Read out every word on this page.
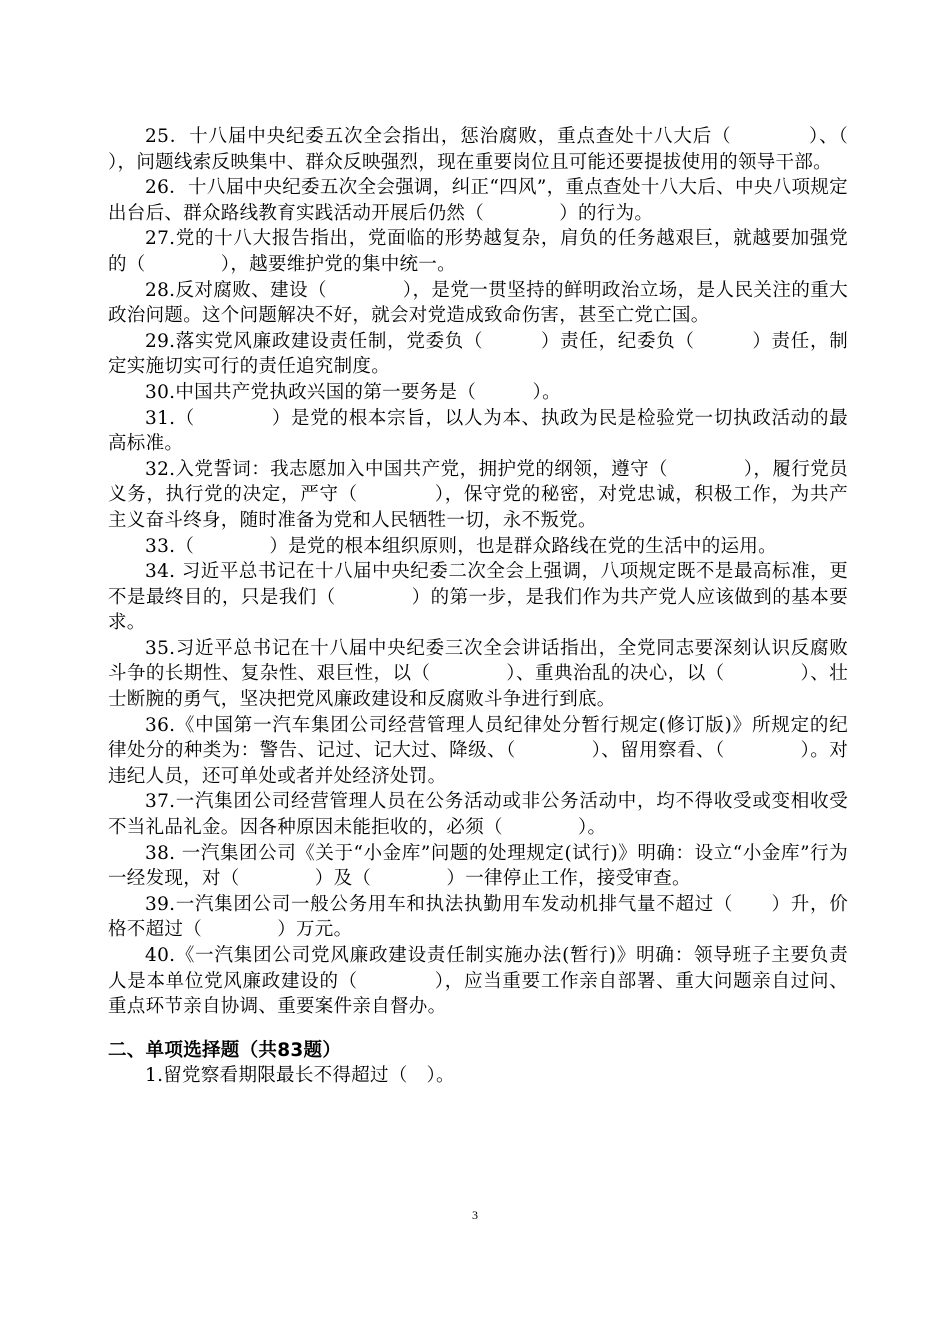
25．十八届中央纪委五次全会指出，惩治腐败，重点查处十八大后（　　　　）、（　　　　），问题线索反映集中、群众反映强烈，现在重要岗位且可能还要提拔使用的领导干部。

26．十八届中央纪委五次全会强调，纠正“四风”，重点查处十八大后、中央八项规定出台后、群众路线教育实践活动开展后仍然（　　　　）的行为。

27.党的十八大报告指出，党面临的形势越复杂，肩负的任务越艰巨，就越要加强党的（　　　　），越要维护党的集中统一。

28.反对腐败、建设（　　　　），是党一贯坚持的鲜明政治立场，是人民关注的重大政治问题。这个问题解决不好，就会对党造成致命伤害，甚至亡党亡国。

29.落实党风廉政建设责任制，党委负（　　　）责任，纪委负（　　　）责任，制定实施切实可行的责任追究制度。

30.中国共产党执政兴国的第一要务是（　　　）。

31.（　　　　）是党的根本宗旨，以人为本、执政为民是检验党一切执政活动的最高标准。

32.入党誓词：我志愿加入中国共产党，拥护党的纲领，遵守（　　　　），履行党员义务，执行党的决定，严守（　　　　），保守党的秘密，对党忠诚，积极工作，为共产主义奋斗终身，随时准备为党和人民牺牲一切，永不叛党。

33.（　　　　）是党的根本组织原则，也是群众路线在党的生活中的运用。

34. 习近平总书记在十八届中央纪委二次全会上强调，八项规定既不是最高标准，更不是最终目的，只是我们（　　　　）的第一步，是我们作为共产党人应该做到的基本要求。

35.习近平总书记在十八届中央纪委三次全会讲话指出，全党同志要深刻认识反腐败斗争的长期性、复杂性、艰巨性，以（　　　　）、重典治乱的决心，以（　　　　）、壮士断腕的勇气，坚决把党风廉政建设和反腐败斗争进行到底。

36.《中国第一汽车集团公司经营管理人员纪律处分暂行规定(修订版)》所规定的纪律处分的种类为：警告、记过、记大过、降级、（　　　　）、留用察看、（　　　　）。对违纪人员，还可单处或者并处经济处罚。

37.一汽集团公司经营管理人员在公务活动或非公务活动中，均不得收受或变相收受不当礼品礼金。因各种原因未能拒收的，必须（　　　　）。

38. 一汽集团公司《关于“小金库”问题的处理规定(试行)》明确：设立“小金库”行为一经发现，对（　　　　）及（　　　　）一律停止工作，接受审查。

39.一汽集团公司一般公务用车和执法执勤用车发动机排气量不超过（　　）升，价格不超过（　　　　）万元。

40.《一汽集团公司党风廉政建设责任制实施办法(暂行)》明确：领导班子主要负责人是本单位党风廉政建设的（　　　　），应当重要工作亲自部署、重大问题亲自过问、重点环节亲自协调、重要案件亲自督办。

二、单项选择题（共83题）

1.留党察看期限最长不得超过（　）。

3
